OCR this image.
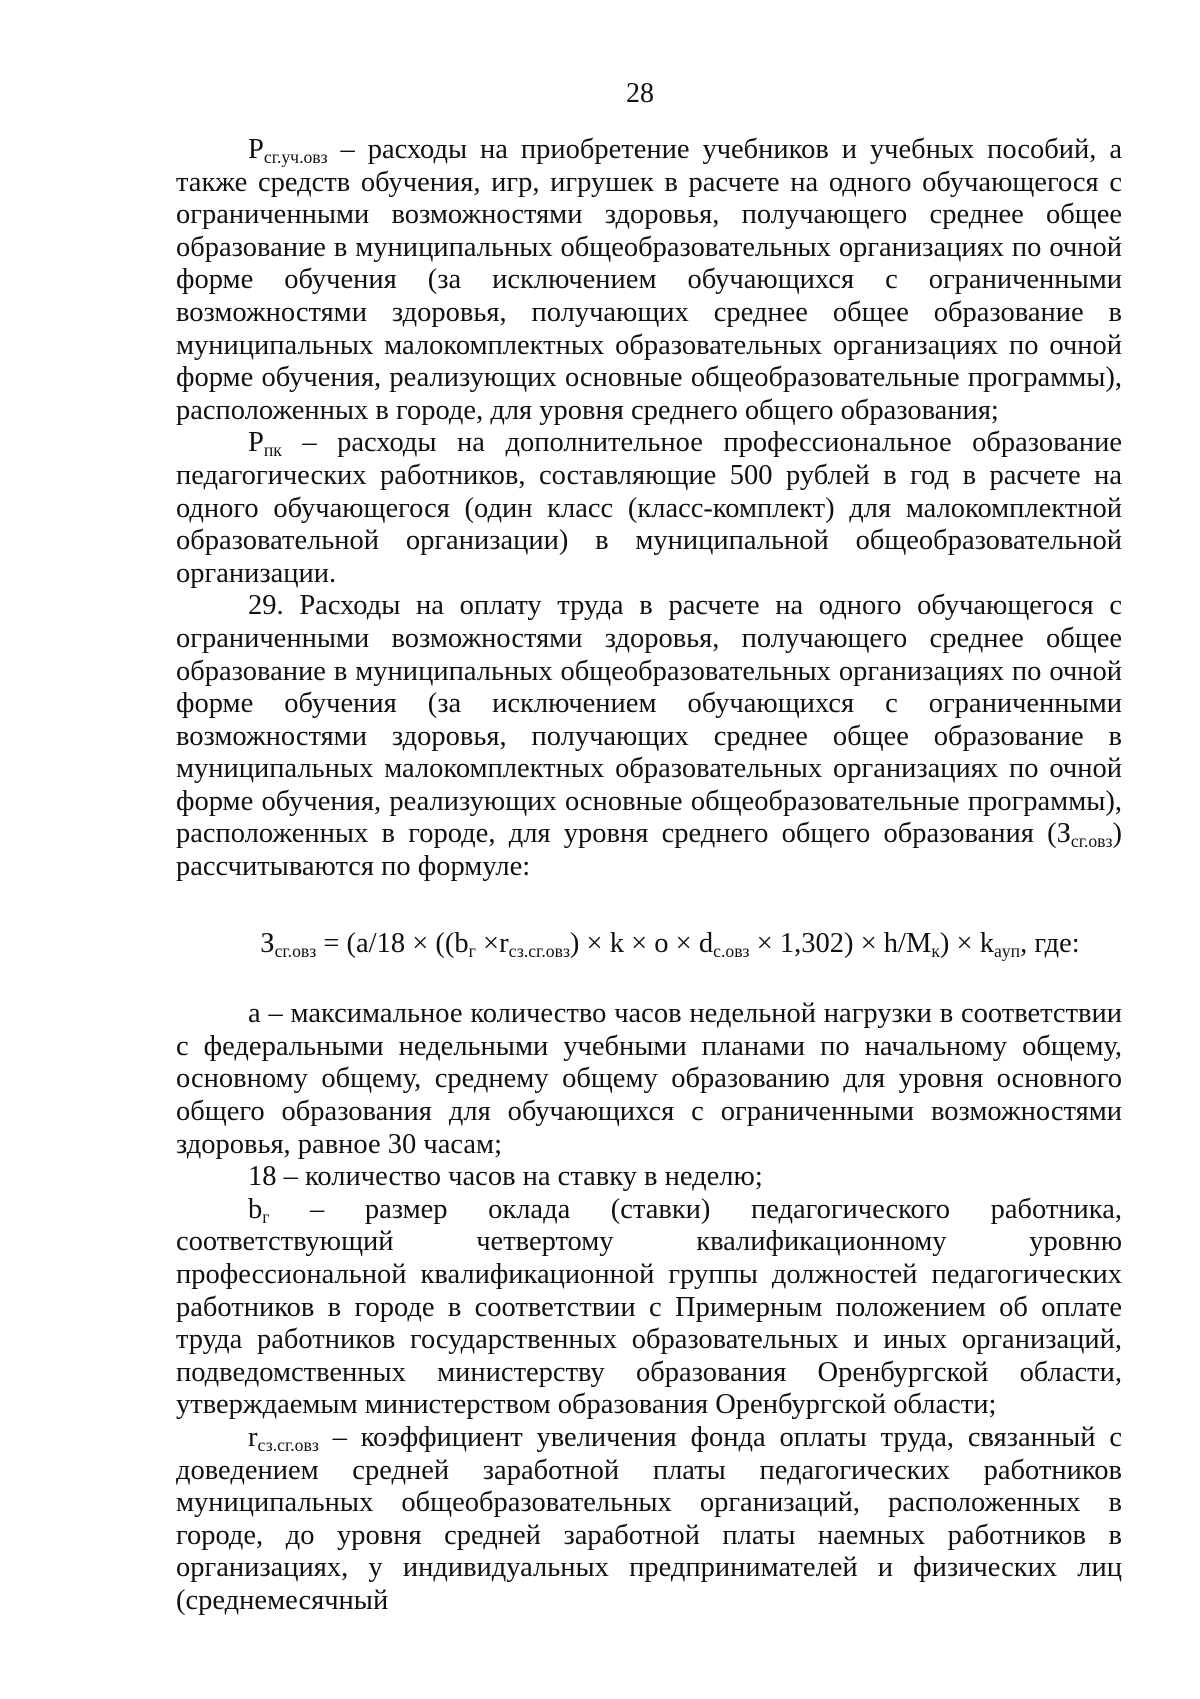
28

$Р_{сг.уч.овз}$ – расходы на приобретение учебников и учебных пособий, а также средств обучения, игр, игрушек в расчете на одного обучающегося с ограниченными возможностями здоровья, получающего среднее общее образование в муниципальных общеобразовательных организациях по очной форме обучения (за исключением обучающихся с ограниченными возможностями здоровья, получающих среднее общее образование в муниципальных малокомплектных образовательных организациях по очной форме обучения, реализующих основные общеобразовательные программы), расположенных в городе, для уровня среднего общего образования;

$Р_{пк}$ – расходы на дополнительное профессиональное образование педагогических работников, составляющие 500 рублей в год в расчете на одного обучающегося (один класс (класс-комплект) для малокомплектной образовательной организации) в муниципальной общеобразовательной организации.

29. Расходы на оплату труда в расчете на одного обучающегося с ограниченными возможностями здоровья, получающего среднее общее образование в муниципальных общеобразовательных организациях по очной форме обучения (за исключением обучающихся с ограниченными возможностями здоровья, получающих среднее общее образование в муниципальных малокомплектных образовательных организациях по очной форме обучения, реализующих основные общеобразовательные программы), расположенных в городе, для уровня среднего общего образования $(З_{сг.овз})$ рассчитываются по формуле:

$З_{сг.овз} = (а/18 \times ((b_г \times r_{сз.сг.овз}) \times k \times о \times d_{с.овз} \times 1,302) \times h/М_к) \times k_{аyп}$, где:

а – максимальное количество часов недельной нагрузки в соответствии с федеральными недельными учебными планами по начальному общему, основному общему, среднему общему образованию для уровня основного общего образования для обучающихся с ограниченными возможностями здоровья, равное 30 часам;

18 – количество часов на ставку в неделю;

$b_г$ – размер оклада (ставки) педагогического работника, соответствующий четвертому квалификационному уровню профессиональной квалификационной группы должностей педагогических работников в городе в соответствии с Примерным положением об оплате труда работников государственных образовательных и иных организаций, подведомственных министерству образования Оренбургской области, утверждаемым министерством образования Оренбургской области;

$r_{сз.сг.овз}$ – коэффициент увеличения фонда оплаты труда, связанный с доведением средней заработной платы педагогических работников муниципальных общеобразовательных организаций, расположенных в городе, до уровня средней заработной платы наемных работников в организациях, у индивидуальных предпринимателей и физических лиц (среднемесячный
